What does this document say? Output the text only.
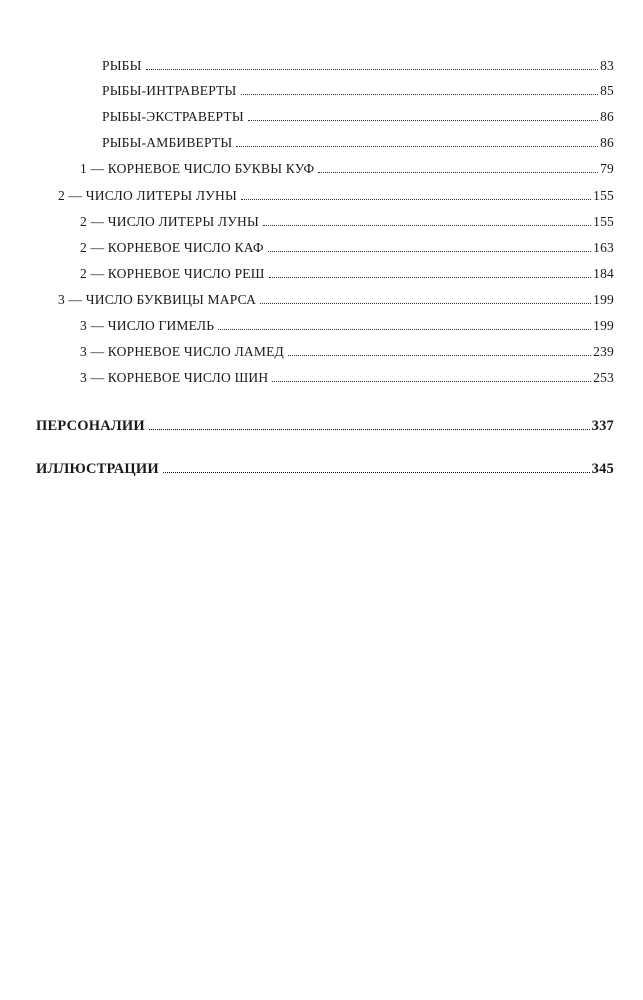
РЫБЫ	83
РЫБЫ-ИНТРАВЕРТЫ	85
РЫБЫ-ЭКСТРАВЕРТЫ	86
РЫБЫ-АМБИВЕРТЫ	86
1 — КОРНЕВОЕ ЧИСЛО БУКВЫ КУФ	79
2 — ЧИСЛО ЛИТЕРЫ ЛУНЫ	155
2 — ЧИСЛО ЛИТЕРЫ ЛУНЫ	155
2 — КОРНЕВОЕ ЧИСЛО КАФ	163
2 — КОРНЕВОЕ ЧИСЛО РЕШ	184
3 — ЧИСЛО БУКВИЦЫ МАРСА	199
3 — ЧИСЛО ГИМЕЛЬ	199
3 — КОРНЕВОЕ ЧИСЛО ЛАМЕД	239
3 — КОРНЕВОЕ ЧИСЛО ШИН	253
ПЕРСОНАЛИИ	337
ИЛЛЮСТРАЦИИ	345
